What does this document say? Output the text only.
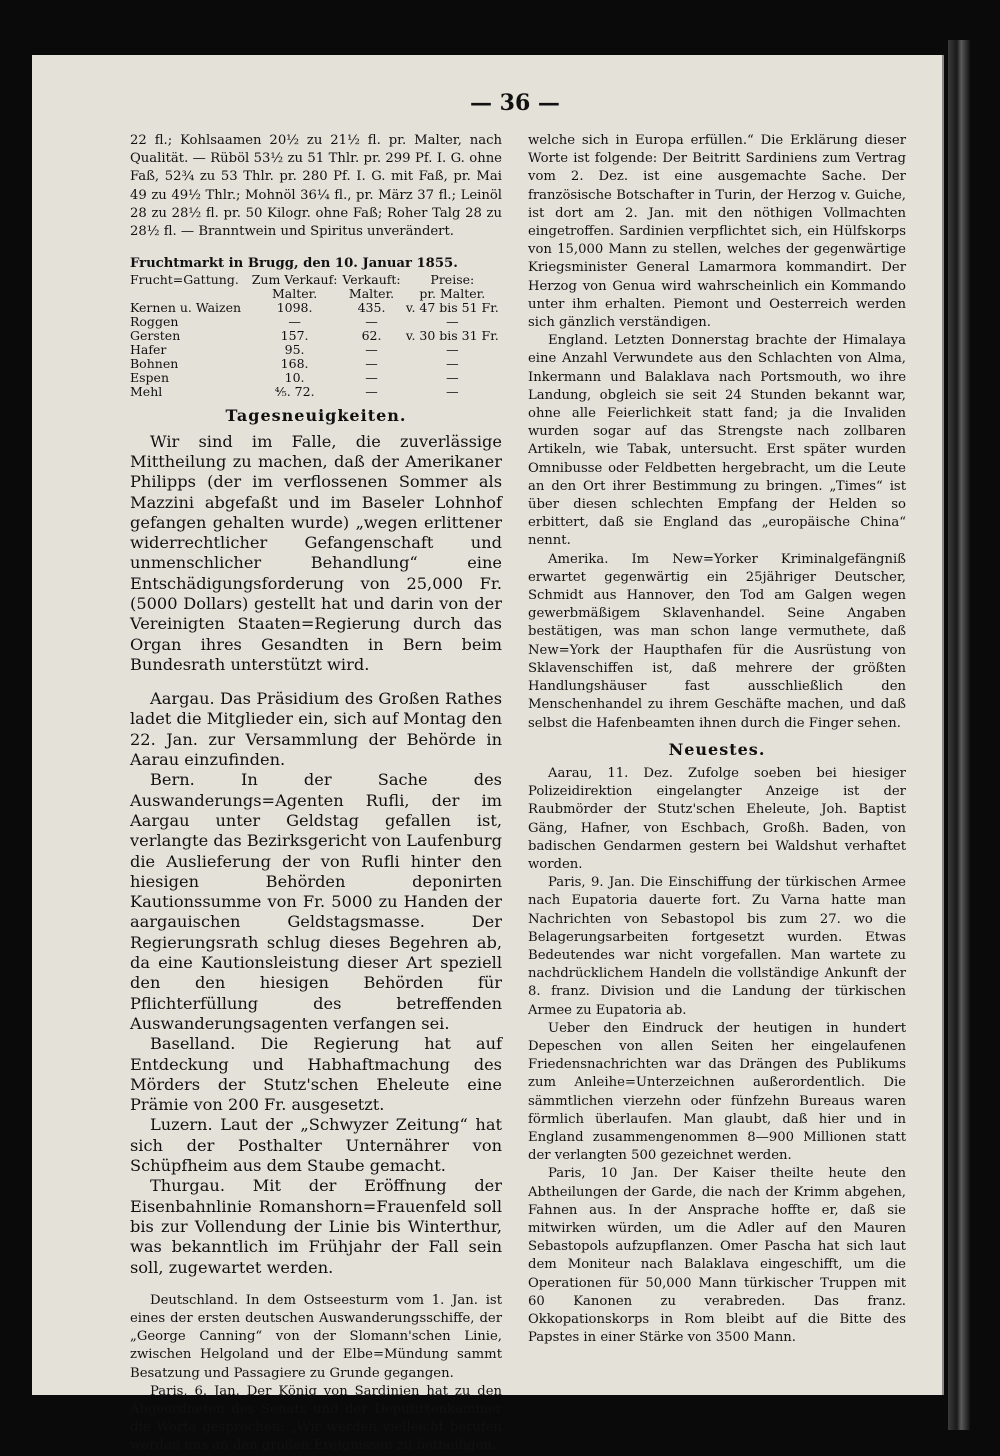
— 36 —

22 fl.; Kohlsaamen 20½ zu 21½ fl. pr. Malter, nach Qualität. — Rüböl 53½ zu 51 Thlr. pr. 299 Pf. I. G. ohne Faß, 52¾ zu 53 Thlr. pr. 280 Pf. I. G. mit Faß, pr. Mai 49 zu 49½ Thlr.; Mohnöl 36¼ fl., pr. März 37 fl.; Leinöl 28 zu 28½ fl. pr. 50 Kilogr. ohne Faß; Roher Talg 28 zu 28½ fl. — Branntwein und Spiritus unverändert.

Fruchtmarkt in Brugg, den 10. Januar 1855.
Frucht=Gattung.	Zum Verkauf:	Verkauft:	Preise:
	Malter.	Malter.	pr. Malter.
Kernen u. Waizen	1098.	435.	v. 47 bis 51 Fr.
Roggen	—	—	—
Gersten	157.	62.	v. 30 bis 31 Fr.
Hafer	95.	—	—
Bohnen	168.	—	—
Espen	10.	—	—
Mehl	⅘. 72.	—	—
Tagesneuigkeiten.

Wir sind im Falle, die zuverlässige Mittheilung zu machen, daß der Amerikaner Philipps (der im verflossenen Sommer als Mazzini abgefaßt und im Baseler Lohnhof gefangen gehalten wurde) „wegen erlittener widerrechtlicher Gefangenschaft und unmenschlicher Behandlung“ eine Entschädigungsforderung von 25,000 Fr. (5000 Dollars) gestellt hat und darin von der Vereinigten Staaten=Regierung durch das Organ ihres Gesandten in Bern beim Bundesrath unterstützt wird.

Aargau. Das Präsidium des Großen Rathes ladet die Mitglieder ein, sich auf Montag den 22. Jan. zur Versammlung der Behörde in Aarau einzufinden.

Bern. In der Sache des Auswanderungs=Agenten Rufli, der im Aargau unter Geldstag gefallen ist, verlangte das Bezirksgericht von Laufenburg die Auslieferung der von Rufli hinter den hiesigen Behörden deponirten Kautionssumme von Fr. 5000 zu Handen der aargauischen Geldstagsmasse. Der Regierungsrath schlug dieses Begehren ab, da eine Kautionsleistung dieser Art speziell den den hiesigen Behörden für Pflichterfüllung des betreffenden Auswanderungsagenten verfangen sei.

Baselland. Die Regierung hat auf Entdeckung und Habhaftmachung des Mörders der Stutz'schen Eheleute eine Prämie von 200 Fr. ausgesetzt.

Luzern. Laut der „Schwyzer Zeitung“ hat sich der Posthalter Unternährer von Schüpfheim aus dem Staube gemacht.

Thurgau. Mit der Eröffnung der Eisenbahnlinie Romanshorn=Frauenfeld soll bis zur Vollendung der Linie bis Winterthur, was bekanntlich im Frühjahr der Fall sein soll, zugewartet werden.

Deutschland. In dem Ostseesturm vom 1. Jan. ist eines der ersten deutschen Auswanderungsschiffe, der „George Canning“ von der Slomann'schen Linie, zwischen Helgoland und der Elbe=Mündung sammt Besatzung und Passagiere zu Grunde gegangen.

Paris, 6. Jan. Der König von Sardinien hat zu den Abgeordneten des Senats und der Deputirtenkammer die Worte gesprochen: „Wir werden vielleicht berufen werden uns an den großen Ereignissen zu betheiligen,

welche sich in Europa erfüllen.“ Die Erklärung dieser Worte ist folgende: Der Beitritt Sardiniens zum Vertrag vom 2. Dez. ist eine ausgemachte Sache. Der französische Botschafter in Turin, der Herzog v. Guiche, ist dort am 2. Jan. mit den nöthigen Vollmachten eingetroffen. Sardinien verpflichtet sich, ein Hülfskorps von 15,000 Mann zu stellen, welches der gegenwärtige Kriegsminister General Lamarmora kommandirt. Der Herzog von Genua wird wahrscheinlich ein Kommando unter ihm erhalten. Piemont und Oesterreich werden sich gänzlich verständigen.

England. Letzten Donnerstag brachte der Himalaya eine Anzahl Verwundete aus den Schlachten von Alma, Inkermann und Balaklava nach Portsmouth, wo ihre Landung, obgleich sie seit 24 Stunden bekannt war, ohne alle Feierlichkeit statt fand; ja die Invaliden wurden sogar auf das Strengste nach zollbaren Artikeln, wie Tabak, untersucht. Erst später wurden Omnibusse oder Feldbetten hergebracht, um die Leute an den Ort ihrer Bestimmung zu bringen. „Times“ ist über diesen schlechten Empfang der Helden so erbittert, daß sie England das „europäische China“ nennt.

Amerika. Im New=Yorker Kriminalgefängniß erwartet gegenwärtig ein 25jähriger Deutscher, Schmidt aus Hannover, den Tod am Galgen wegen gewerbmäßigem Sklavenhandel. Seine Angaben bestätigen, was man schon lange vermuthete, daß New=York der Haupthafen für die Ausrüstung von Sklavenschiffen ist, daß mehrere der größten Handlungshäuser fast ausschließlich den Menschenhandel zu ihrem Geschäfte machen, und daß selbst die Hafenbeamten ihnen durch die Finger sehen.

Neuestes.

Aarau, 11. Dez. Zufolge soeben bei hiesiger Polizeidirektion eingelangter Anzeige ist der Raubmörder der Stutz'schen Eheleute, Joh. Baptist Gäng, Hafner, von Eschbach, Großh. Baden, von badischen Gendarmen gestern bei Waldshut verhaftet worden.

Paris, 9. Jan. Die Einschiffung der türkischen Armee nach Eupatoria dauerte fort. Zu Varna hatte man Nachrichten von Sebastopol bis zum 27. wo die Belagerungsarbeiten fortgesetzt wurden. Etwas Bedeutendes war nicht vorgefallen. Man wartete zu nachdrücklichem Handeln die vollständige Ankunft der 8. franz. Division und die Landung der türkischen Armee zu Eupatoria ab.

Ueber den Eindruck der heutigen in hundert Depeschen von allen Seiten her eingelaufenen Friedensnachrichten war das Drängen des Publikums zum Anleihe=Unterzeichnen außerordentlich. Die sämmtlichen vierzehn oder fünfzehn Bureaus waren förmlich überlaufen. Man glaubt, daß hier und in England zusammengenommen 8—900 Millionen statt der verlangten 500 gezeichnet werden.

Paris, 10 Jan. Der Kaiser theilte heute den Abtheilungen der Garde, die nach der Krimm abgehen, Fahnen aus. In der Ansprache hoffte er, daß sie mitwirken würden, um die Adler auf den Mauren Sebastopols aufzupflanzen. Omer Pascha hat sich laut dem Moniteur nach Balaklava eingeschifft, um die Operationen für 50,000 Mann türkischer Truppen mit 60 Kanonen zu verabreden. Das franz. Okkopationskorps in Rom bleibt auf die Bitte des Papstes in einer Stärke von 3500 Mann.
